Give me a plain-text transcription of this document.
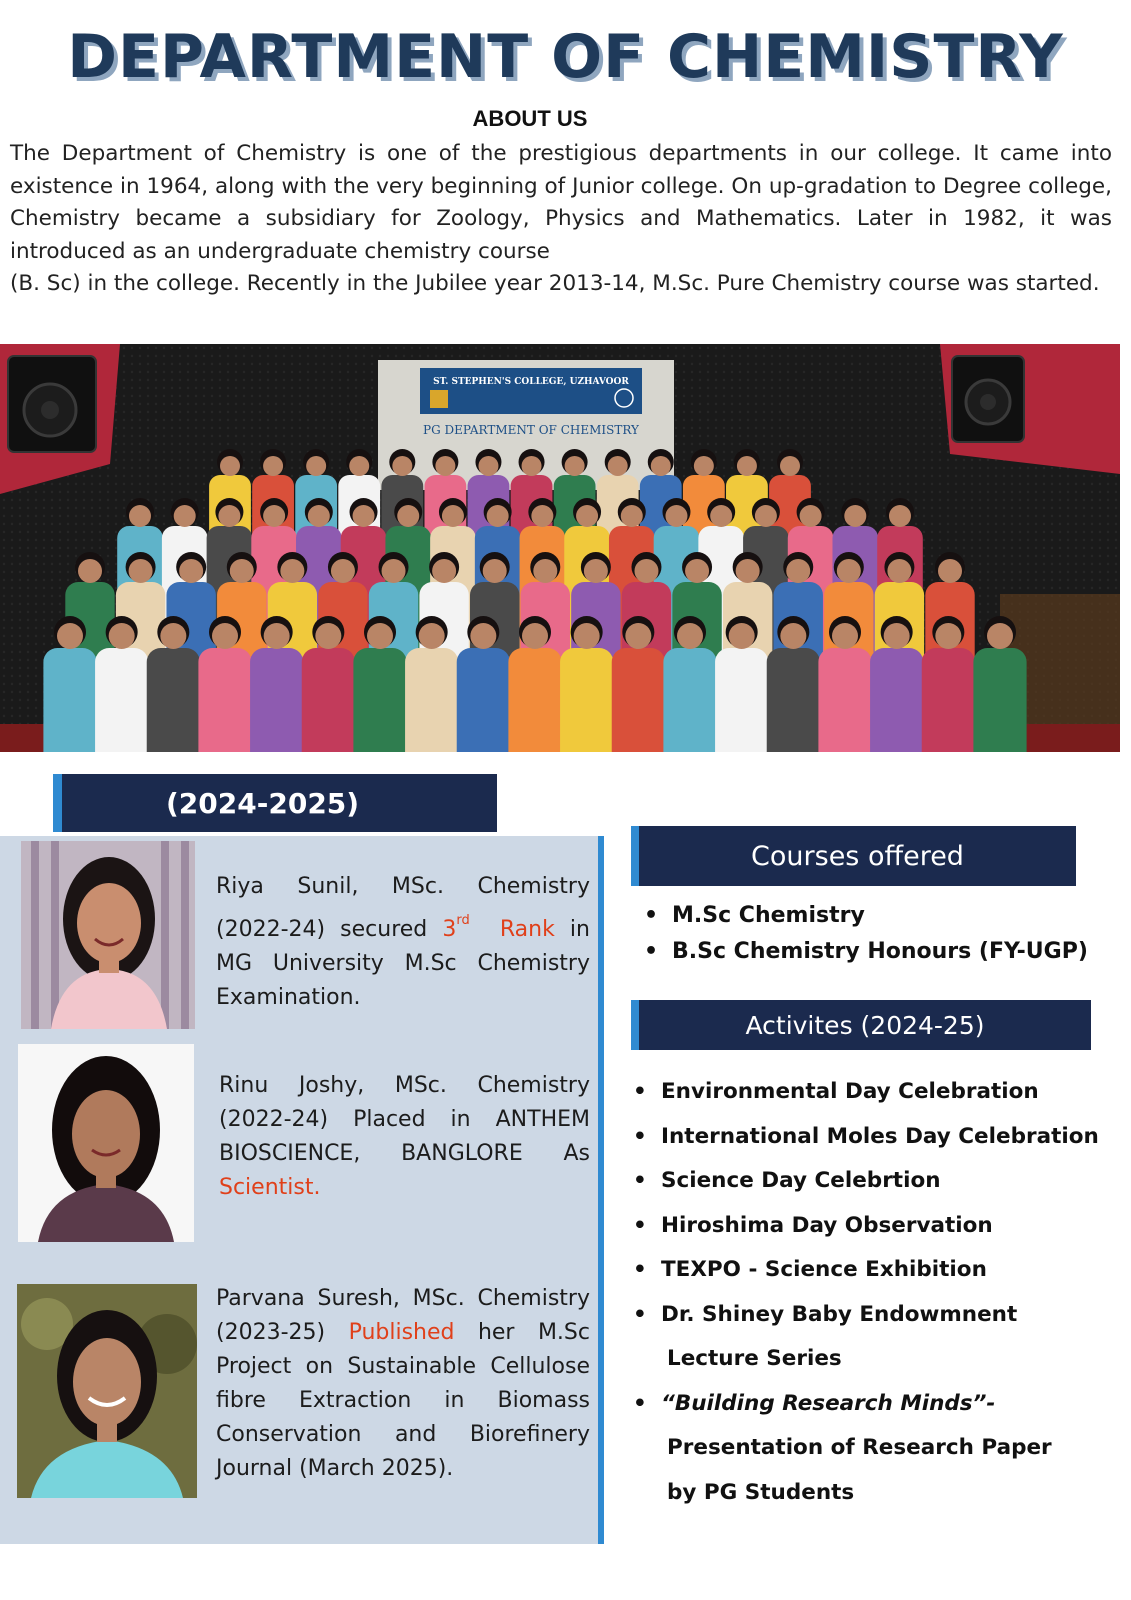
DEPARTMENT OF CHEMISTRY
ABOUT US

The Department of Chemistry is one of the prestigious departments in our college. It came into existence in 1964, along with the very beginning of Junior college. On up-gradation to Degree college, Chemistry became a subsidiary for Zoology, Physics and Mathematics. Later in 1982, it was introduced as an undergraduate chemistry course

(B. Sc) in the college. Recently in the Jubilee year 2013-14, M.Sc. Pure Chemistry course was started.

ST. STEPHEN'S COLLEGE, UZHAVOOR
PG DEPARTMENT OF CHEMISTRY
(2024-2025)
Riya Sunil, MSc. Chemistry (2022-24) secured 3rd Rank in MG University M.Sc Chemistry Examination.
Rinu Joshy, MSc. Chemistry (2022-24) Placed in ANTHEM BIOSCIENCE, BANGLORE As Scientist.
Parvana Suresh, MSc. Chemistry (2023-25) Published her M.Sc Project on Sustainable Cellulose fibre Extraction in Biomass Conservation and Biorefinery Journal (March 2025).
Courses offered
• M.Sc Chemistry
• B.Sc Chemistry Honours (FY-UGP)
Activites (2024-25)
• Environmental Day Celebration
• International Moles Day Celebration
• Science Day Celebrtion
• Hiroshima Day Observation
• TEXPO - Science Exhibition
• Dr. Shiney Baby Endowmnent
Lecture Series
• “Building Research Minds”-
Presentation of Research Paper
by PG Students
